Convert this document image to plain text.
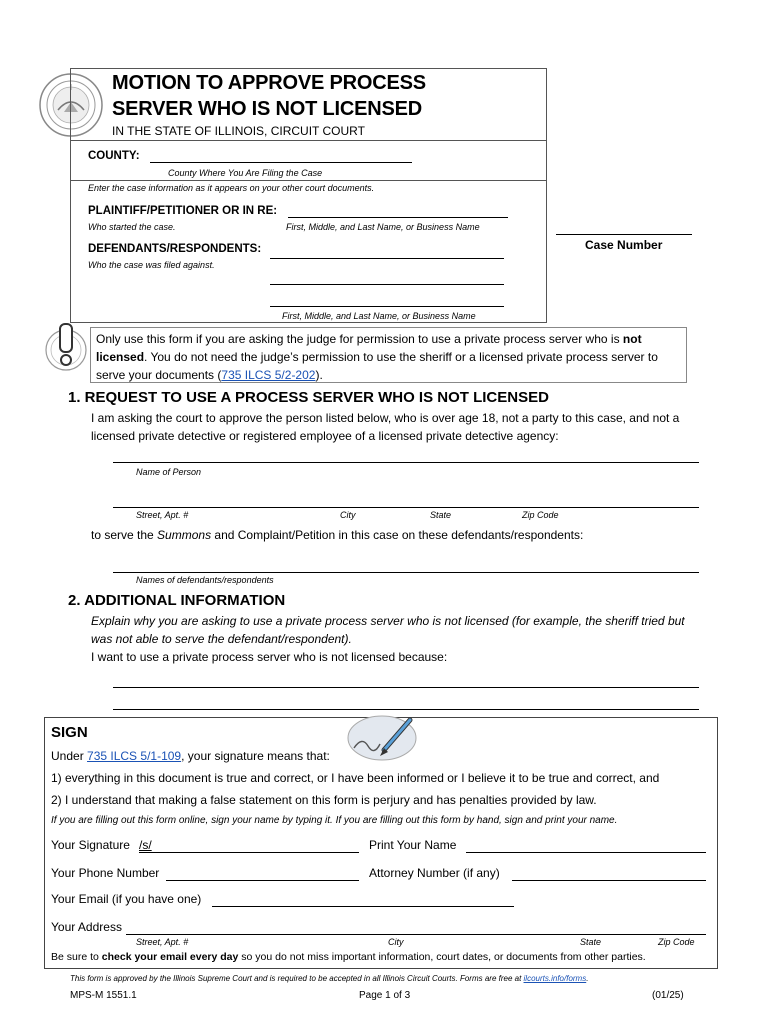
MOTION TO APPROVE PROCESS
SERVER WHO IS NOT LICENSED
IN THE STATE OF ILLINOIS, CIRCUIT COURT
COUNTY:
County Where You Are Filing the Case
Enter the case information as it appears on your other court documents.
PLAINTIFF/PETITIONER OR IN RE:
Who started the case.	First, Middle, and Last Name, or Business Name
DEFENDANTS/RESPONDENTS:
Who the case was filed against.
First, Middle, and Last Name, or Business Name
Case Number
Only use this form if you are asking the judge for permission to use a private process server who is not licensed. You do not need the judge’s permission to use the sheriff or a licensed private process server to serve your documents (735 ILCS 5/2-202).
1. REQUEST TO USE A PROCESS SERVER WHO IS NOT LICENSED
I am asking the court to approve the person listed below, who is over age 18, not a party to this case, and not a licensed private detective or registered employee of a licensed private detective agency:
Name of Person
Street, Apt. #	City	State	Zip Code
to serve the Summons and Complaint/Petition in this case on these defendants/respondents:
Names of defendants/respondents
2. ADDITIONAL INFORMATION
Explain why you are asking to use a private process server who is not licensed (for example, the sheriff tried but was not able to serve the defendant/respondent).
I want to use a private process server who is not licensed because:
SIGN
Under 735 ILCS 5/1-109, your signature means that:
1) everything in this document is true and correct, or I have been informed or I believe it to be true and correct, and
2) I understand that making a false statement on this form is perjury and has penalties provided by law.
If you are filling out this form online, sign your name by typing it. If you are filling out this form by hand, sign and print your name.
Your Signature /s/	Print Your Name
Your Phone Number	Attorney Number (if any)
Your Email (if you have one)
Your Address
Street, Apt. #	City	State	Zip Code
Be sure to check your email every day so you do not miss important information, court dates, or documents from other parties.
This form is approved by the Illinois Supreme Court and is required to be accepted in all Illinois Circuit Courts. Forms are free at ilcourts.info/forms.
MPS-M 1551.1	Page 1 of 3	(01/25)
